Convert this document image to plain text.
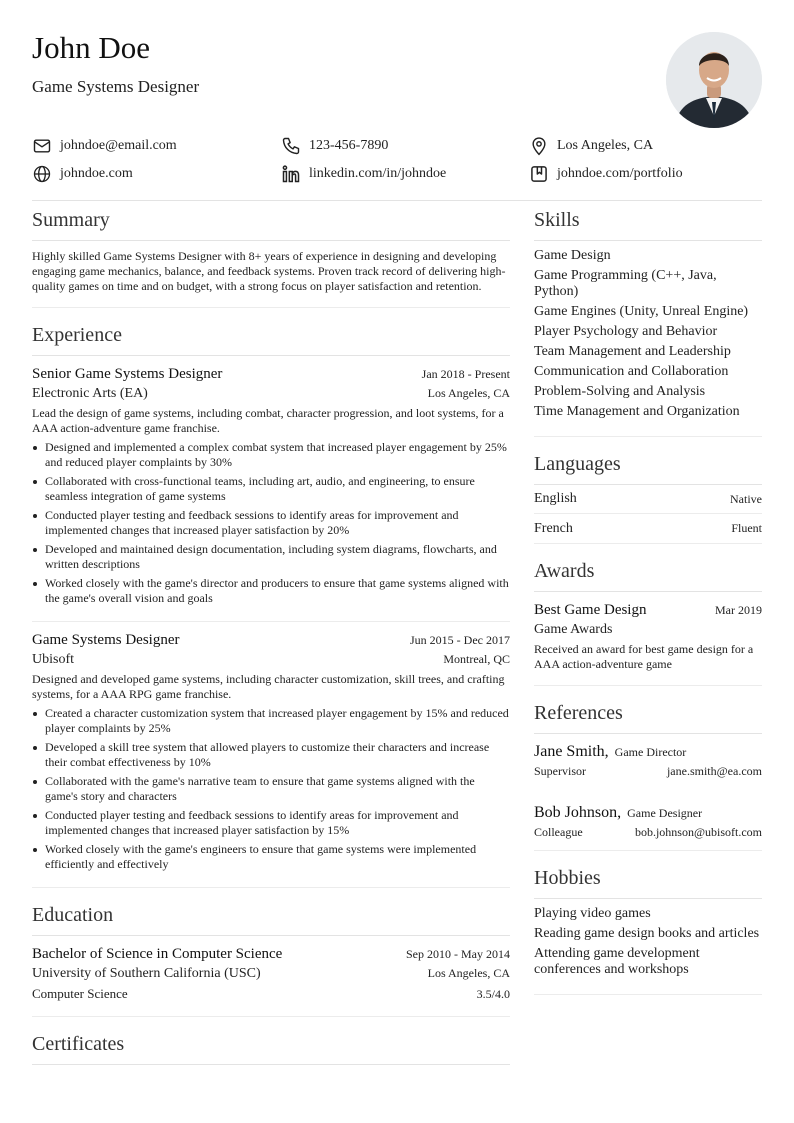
John Doe
Game Systems Designer
johndoe@email.com	123-456-7890	Los Angeles, CA
johndoe.com	linkedin.com/in/johndoe	johndoe.com/portfolio
Summary
Highly skilled Game Systems Designer with 8+ years of experience in designing and developing engaging game mechanics, balance, and feedback systems. Proven track record of delivering high-quality games on time and on budget, with a strong focus on player satisfaction and retention.
Experience
Senior Game Systems Designer	Jan 2018 - Present
Electronic Arts (EA)	Los Angeles, CA
Lead the design of game systems, including combat, character progression, and loot systems, for a AAA action-adventure game franchise.
Designed and implemented a complex combat system that increased player engagement by 25% and reduced player complaints by 30%
Collaborated with cross-functional teams, including art, audio, and engineering, to ensure seamless integration of game systems
Conducted player testing and feedback sessions to identify areas for improvement and implemented changes that increased player satisfaction by 20%
Developed and maintained design documentation, including system diagrams, flowcharts, and written descriptions
Worked closely with the game's director and producers to ensure that game systems aligned with the game's overall vision and goals
Game Systems Designer	Jun 2015 - Dec 2017
Ubisoft	Montreal, QC
Designed and developed game systems, including character customization, skill trees, and crafting systems, for a AAA RPG game franchise.
Created a character customization system that increased player engagement by 15% and reduced player complaints by 25%
Developed a skill tree system that allowed players to customize their characters and increase their combat effectiveness by 10%
Collaborated with the game's narrative team to ensure that game systems aligned with the game's story and characters
Conducted player testing and feedback sessions to identify areas for improvement and implemented changes that increased player satisfaction by 15%
Worked closely with the game's engineers to ensure that game systems were implemented efficiently and effectively
Education
Bachelor of Science in Computer Science	Sep 2010 - May 2014
University of Southern California (USC)	Los Angeles, CA
Computer Science	3.5/4.0
Certificates
Skills
Game Design
Game Programming (C++, Java, Python)
Game Engines (Unity, Unreal Engine)
Player Psychology and Behavior
Team Management and Leadership
Communication and Collaboration
Problem-Solving and Analysis
Time Management and Organization
Languages
English	Native
French	Fluent
Awards
Best Game Design	Mar 2019
Game Awards
Received an award for best game design for a AAA action-adventure game
References
Jane Smith, Game Director
Supervisor	jane.smith@ea.com
Bob Johnson, Game Designer
Colleague	bob.johnson@ubisoft.com
Hobbies
Playing video games
Reading game design books and articles
Attending game development conferences and workshops
